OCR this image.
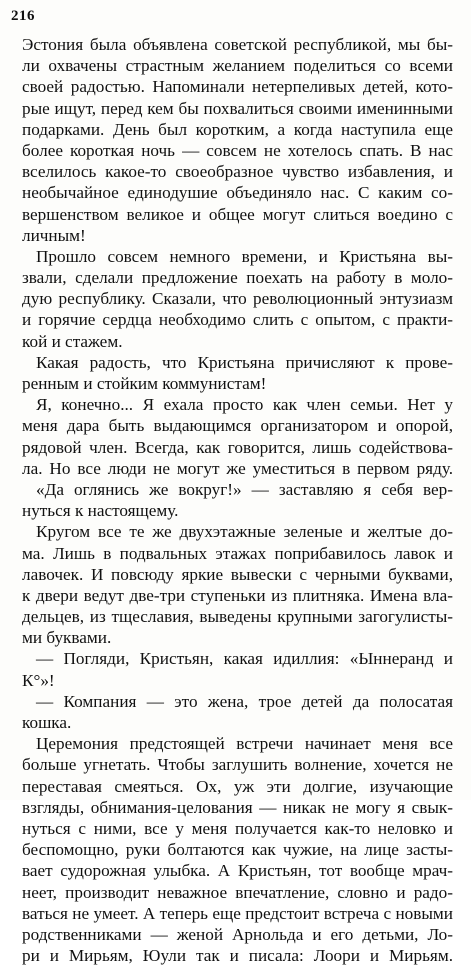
216
Эстония была объявлена советской республикой, мы бы-
ли охвачены страстным желанием поделиться со всеми
своей радостью. Напоминали нетерпеливых детей, кото-
рые ищут, перед кем бы похвалиться своими именинными
подарками. День был коротким, а когда наступила еще
более короткая ночь — совсем не хотелось спать. В нас
вселилось какое-то своеобразное чувство избавления, и
необычайное единодушие объединяло нас. С каким со-
вершенством великое и общее могут слиться воедино с
личным!
Прошло совсем немного времени, и Кристьяна вы-
звали, сделали предложение поехать на работу в моло-
дую республику. Сказали, что революционный энтузиазм
и горячие сердца необходимо слить с опытом, с практи-
кой и стажем.
Какая радость, что Кристьяна причисляют к прове-
ренным и стойким коммунистам!
Я, конечно... Я ехала просто как член семьи. Нет у
меня дара быть выдающимся организатором и опорой,
рядовой член. Всегда, как говорится, лишь содействова-
ла. Но все люди не могут же уместиться в первом ряду.
«Да оглянись же вокруг!» — заставляю я себя вер-
нуться к настоящему.
Кругом все те же двухэтажные зеленые и желтые до-
ма. Лишь в подвальных этажах поприбавилось лавок и
лавочек. И повсюду яркие вывески с черными буквами,
к двери ведут две-три ступеньки из плитняка. Имена вла-
дельцев, из тщеславия, выведены крупными загогулисты-
ми буквами.
— Погляди, Кристьян, какая идиллия: «Ыннеранд и
К°»!
— Компания — это жена, трое детей да полосатая
кошка.
Церемония предстоящей встречи начинает меня все
больше угнетать. Чтобы заглушить волнение, хочется не
переставая смеяться. Ох, уж эти долгие, изучающие
взгляды, обнимания-целования — никак не могу я свык-
нуться с ними, все у меня получается как-то неловко и
беспомощно, руки болтаются как чужие, на лице засты-
вает судорожная улыбка. А Кристьян, тот вообще мрач-
неет, производит неважное впечатление, словно и радо-
ваться не умеет. А теперь еще предстоит встреча с новыми
родственниками — женой Арнольда и его детьми, Ло-
ри и Мирьям, Юули так и писала: Лоори и Мирьям.
